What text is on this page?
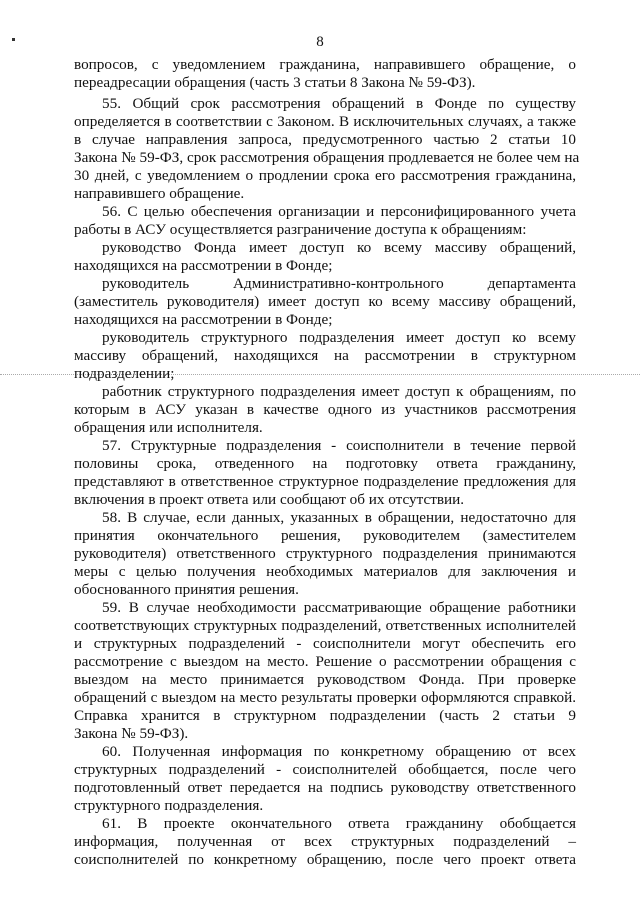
8
вопросов, с уведомлением гражданина, направившего обращение, о
переадресации обращения (часть 3 статьи 8 Закона № 59-ФЗ).
55. Общий срок рассмотрения обращений в Фонде по существу
определяется в соответствии с Законом. В исключительных случаях, а также
в случае направления запроса, предусмотренного частью 2 статьи 10
Закона № 59-ФЗ, срок рассмотрения обращения продлевается не более чем на
30 дней, с уведомлением о продлении срока его рассмотрения гражданина,
направившего обращение.
56. С целью обеспечения организации и персонифицированного учета
работы в АСУ осуществляется разграничение доступа к обращениям:
руководство Фонда имеет доступ ко всему массиву обращений,
находящихся на рассмотрении в Фонде;
руководитель Административно-контрольного департамента
(заместитель руководителя) имеет доступ ко всему массиву обращений,
находящихся на рассмотрении в Фонде;
руководитель структурного подразделения имеет доступ ко всему
массиву обращений, находящихся на рассмотрении в структурном
подразделении;
работник структурного подразделения имеет доступ к обращениям, по
которым в АСУ указан в качестве одного из участников рассмотрения
обращения или исполнителя.
57. Структурные подразделения - соисполнители в течение первой
половины срока, отведенного на подготовку ответа гражданину,
представляют в ответственное структурное подразделение предложения для
включения в проект ответа или сообщают об их отсутствии.
58. В случае, если данных, указанных в обращении, недостаточно для
принятия окончательного решения, руководителем (заместителем
руководителя) ответственного структурного подразделения принимаются
меры с целью получения необходимых материалов для заключения и
обоснованного принятия решения.
59. В случае необходимости рассматривающие обращение работники
соответствующих структурных подразделений, ответственных исполнителей
и структурных подразделений - соисполнители могут обеспечить его
рассмотрение с выездом на место. Решение о рассмотрении обращения с
выездом на место принимается руководством Фонда. При проверке
обращений с выездом на место результаты проверки оформляются справкой.
Справка хранится в структурном подразделении (часть 2 статьи 9
Закона № 59-ФЗ).
60. Полученная информация по конкретному обращению от всех
структурных подразделений - соисполнителей обобщается, после чего
подготовленный ответ передается на подпись руководству ответственного
структурного подразделения.
61. В проекте окончательного ответа гражданину обобщается
информация, полученная от всех структурных подразделений –
соисполнителей по конкретному обращению, после чего проект ответа
